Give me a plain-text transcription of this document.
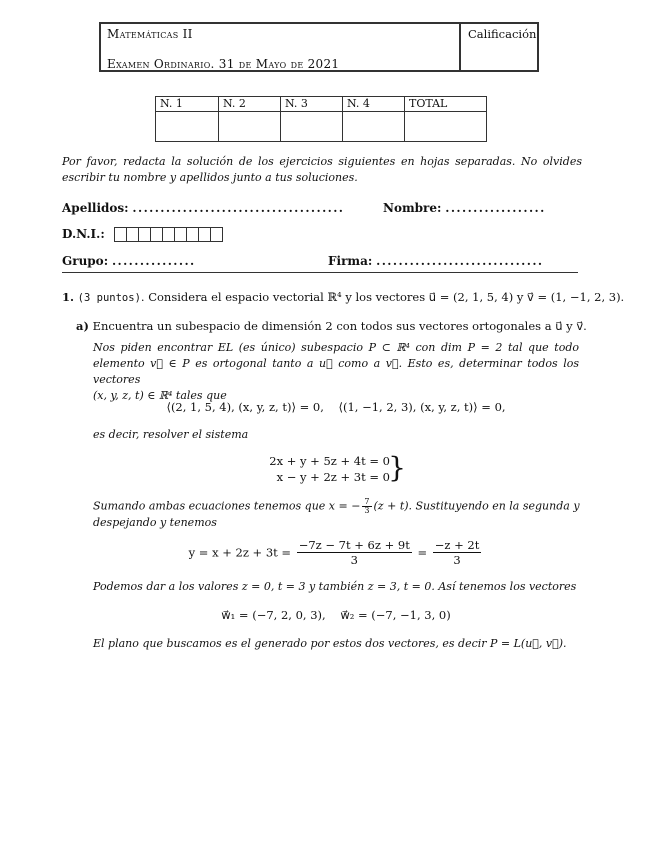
Matemáticas II
Examen Ordinario. 31 de Mayo de 2021
Calificación
N. 1	N. 2	N. 3	N. 4	TOTAL

Por favor, redacta la solución de los ejercicios siguientes en hojas separadas. No olvides escribir tu nombre y apellidos junto a tus soluciones.
Apellidos: ......................................	Nombre: ..................
D.N.I.:
Grupo: ...............	Firma: ..............................
1. (3 puntos). Considera el espacio vectorial ℝ⁴ y los vectores u⃗ = (2, 1, 5, 4) y v⃗ = (1, −1, 2, 3).
a) Encuentra un subespacio de dimensión 2 con todos sus vectores ortogonales a u⃗ y v⃗.
Nos piden encontrar EL (es único) subespacio P ⊂ ℝ⁴ con dim P = 2 tal que todo
elemento v⃗ ∈ P es ortogonal tanto a u⃗ como a v⃗. Esto es, determinar todos los vectores
(x, y, z, t) ∈ ℝ⁴ tales que
⟨(2, 1, 5, 4), (x, y, z, t)⟩ = 0,    ⟨(1, −1, 2, 3), (x, y, z, t)⟩ = 0,
es decir, resolver el sistema
2x + y + 5z + 4t = 0
x − y + 2z + 3t = 0
}
Sumando ambas ecuaciones tenemos que x = − $\frac{7}{3} (z + t)$. Sustituyendo en la segunda y
despejando y tenemos
$y = x + 2z + 3t = \frac{-7z - 7t + 6z + 9t}{3} = \frac{-z + 2t}{3}$
Podemos dar a los valores z = 0, t = 3 y también z = 3, t = 0. Así tenemos los vectores
w⃗₁ = (−7, 2, 0, 3),    w⃗₂ = (−7, −1, 3, 0)
El plano que buscamos es el generado por estos dos vectores, es decir P = L(u⃗, v⃗).
